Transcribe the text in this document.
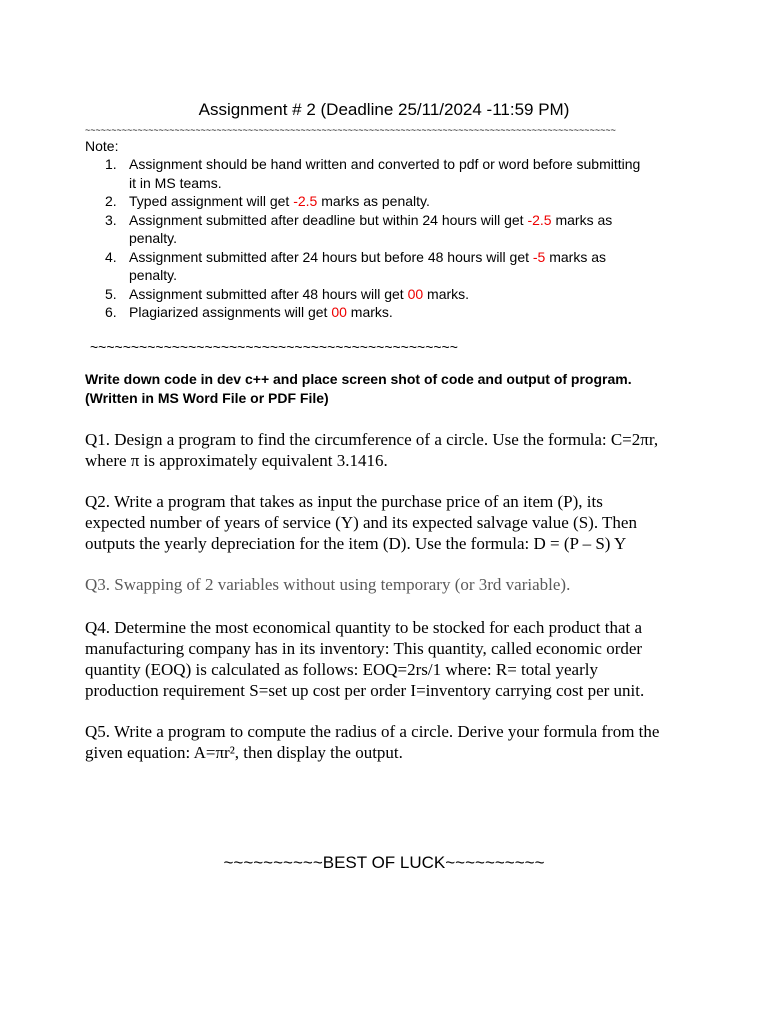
Assignment # 2 (Deadline 25/11/2024 -11:59 PM)
~~~~~~~~~~~~~~~~~~~~~~~~~~~~~~~~~~~~~~~~~~~~~~~~~~~~~~~~~~~~~~~~~~~~~~~~~~~~~~~~~~~~~~~~~~~~~~~~~~~~~
Note:
1. Assignment should be hand written and converted to pdf or word before submitting
it in MS teams.
2. Typed assignment will get -2.5 marks as penalty.
3. Assignment submitted after deadline but within 24 hours will get -2.5 marks as
penalty.
4. Assignment submitted after 24 hours but before 48 hours will get -5 marks as
penalty.
5. Assignment submitted after 48 hours will get 00 marks.
6. Plagiarized assignments will get 00 marks.
~~~~~~~~~~~~~~~~~~~~~~~~~~~~~~~~~~~~~~~~~~~~~
Write down code in dev c++ and place screen shot of code and output of program.
(Written in MS Word File or PDF File)
Q1. Design a program to find the circumference of a circle. Use the formula: C=2πr,
where π is approximately equivalent 3.1416.
Q2. Write a program that takes as input the purchase price of an item (P), its
expected number of years of service (Y) and its expected salvage value (S). Then
outputs the yearly depreciation for the item (D). Use the formula: D = (P – S) Y
Q3. Swapping of 2 variables without using temporary (or 3rd variable).
Q4. Determine the most economical quantity to be stocked for each product that a
manufacturing company has in its inventory: This quantity, called economic order
quantity (EOQ) is calculated as follows: EOQ=2rs/1 where: R= total yearly
production requirement S=set up cost per order I=inventory carrying cost per unit.
Q5. Write a program to compute the radius of a circle. Derive your formula from the
given equation: A=πr², then display the output.
~~~~~~~~~~BEST OF LUCK~~~~~~~~~~
